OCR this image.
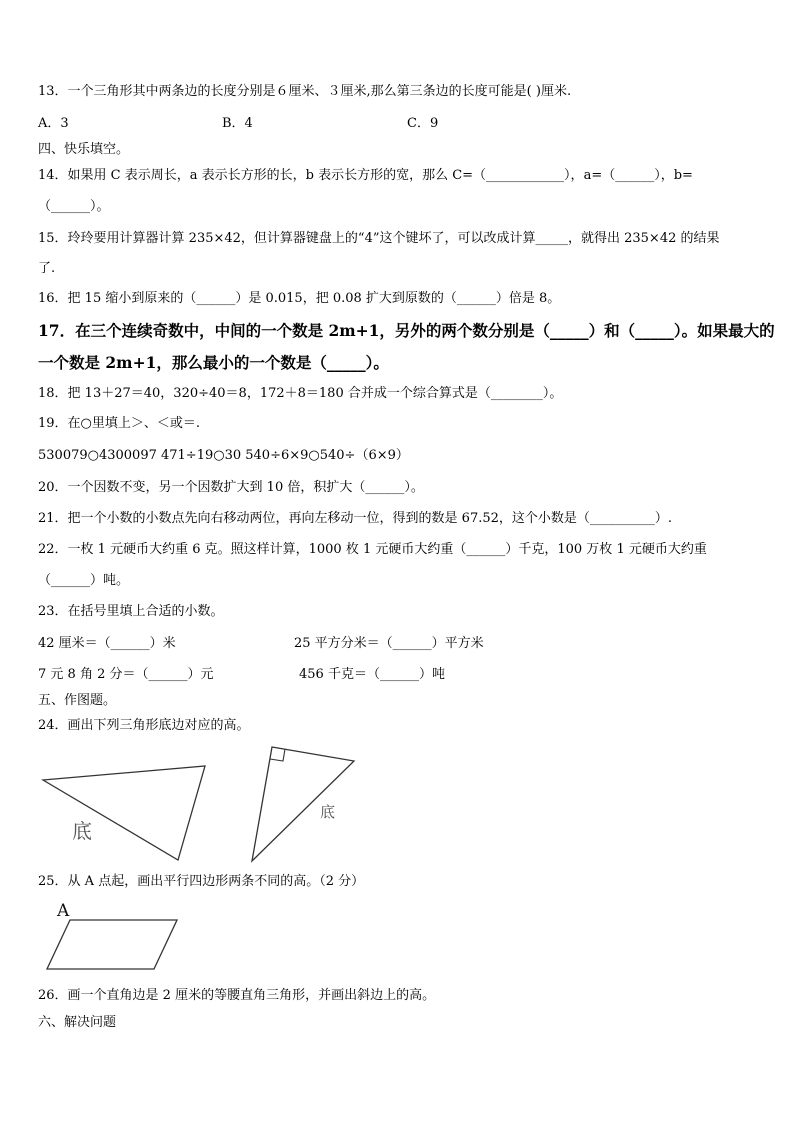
13．一个三角形其中两条边的长度分别是６厘米、３厘米,那么第三条边的长度可能是( )厘米.
A．3	B．4	C．9
四、快乐填空。
14．如果用 C 表示周长，a 表示长方形的长，b 表示长方形的宽，那么 C=（____________），a=（______），b=
（______）。
15．玲玲要用计算器计算 235×42，但计算器键盘上的“4”这个键坏了，可以改成计算_____，就得出 235×42 的结果
了.
16．把 15 缩小到原来的（______）是 0.015，把 0.08 扩大到原数的（______）倍是 8。
17．在三个连续奇数中，中间的一个数是 2m+1，另外的两个数分别是（_____）和（_____）。如果最大的
一个数是 2m+1，那么最小的一个数是（_____）。
18．把 13＋27＝40，320÷40＝8，172＋8＝180 合并成一个综合算式是（________）。
19．在○里填上＞、＜或＝.
530079○4300097 471÷19○30 540÷6×9○540÷（6×9）
20．一个因数不变，另一个因数扩大到 10 倍，积扩大（______）。
21．把一个小数的小数点先向右移动两位，再向左移动一位，得到的数是 67.52，这个小数是（__________）.
22．一枚 1 元硬币大约重 6 克。照这样计算，1000 枚 1 元硬币大约重（______）千克，100 万枚 1 元硬币大约重
（______）吨。
23．在括号里填上合适的小数。
42 厘米＝（______）米	25 平方分米＝（______）平方米
7 元 8 角 2 分＝（______）元	456 千克＝（______）吨
五、作图题。
24．画出下列三角形底边对应的高。
底
底
25．从 A 点起，画出平行四边形两条不同的高。（2 分）
A
26．画一个直角边是 2 厘米的等腰直角三角形，并画出斜边上的高。
六、解决问题
